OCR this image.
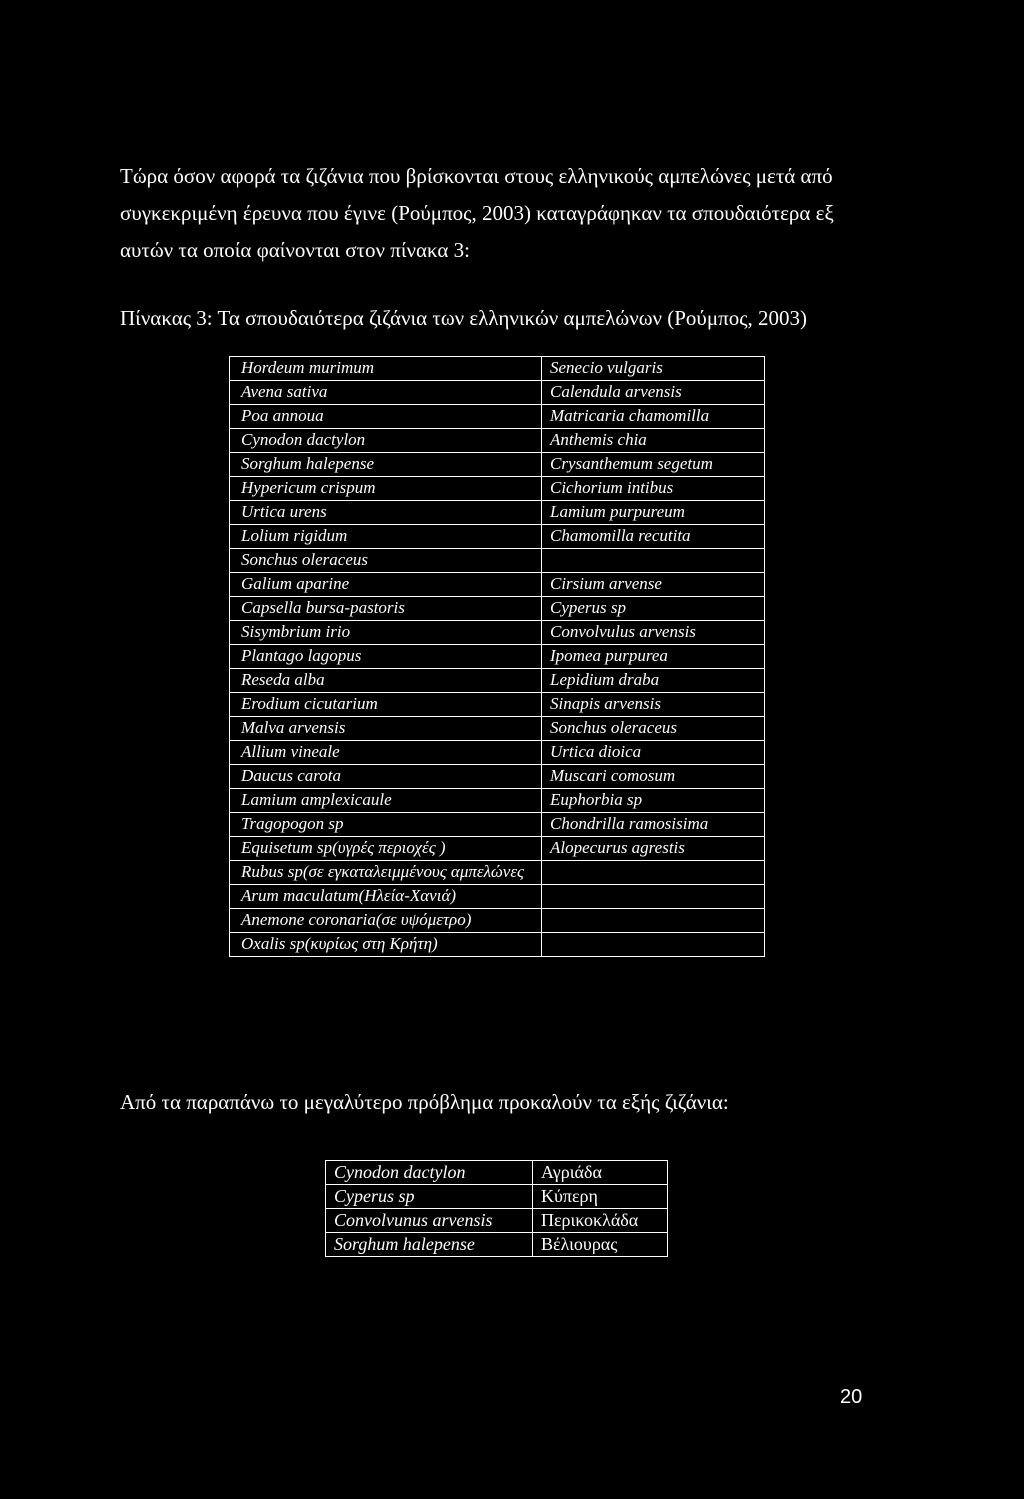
Τώρα όσον αφορά τα ζιζάνια που βρίσκονται στους ελληνικούς αμπελώνες μετά από
συγκεκριμένη έρευνα που έγινε (Ρούμπος, 2003) καταγράφηκαν τα σπουδαιότερα εξ
αυτών τα οποία φαίνονται στον πίνακα 3:

Πίνακας 3: Τα σπουδαιότερα ζιζάνια των ελληνικών αμπελώνων (Ρούμπος, 2003)

Hordeum murimum	Senecio vulgaris
Avena sativa	Calendula arvensis
Poa annoua	Matricaria chamomilla
Cynodon dactylon	Anthemis chia
Sorghum halepense	Crysanthemum segetum
Hypericum crispum	Cichorium intibus
Urtica urens	Lamium purpureum
Lolium rigidum	Chamomilla recutita
Sonchus oleraceus	
Galium aparine	Cirsium arvense
Capsella bursa-pastoris	Cyperus sp
Sisymbrium irio	Convolvulus arvensis
Plantago lagopus	Ipomea purpurea
Reseda alba	Lepidium draba
Erodium cicutarium	Sinapis arvensis
Malva arvensis	Sonchus oleraceus
Allium vineale	Urtica dioica
Daucus carota	Muscari comosum
Lamium amplexicaule	Euphorbia sp
Tragopogon sp	Chondrilla ramosisima
Equisetum sp(υγρές περιοχές )	Alopecurus agrestis
Rubus sp(σε εγκαταλειμμένους αμπελώνες	
Arum maculatum(Ηλεία-Χανιά)	
Anemone coronaria(σε υψόμετρο)	
Oxalis sp(κυρίως στη Κρήτη)	

Από τα παραπάνω το μεγαλύτερο πρόβλημα προκαλούν τα εξής ζιζάνια:

Cynodon dactylon	Αγριάδα
Cyperus sp	Κύπερη
Convolvunus arvensis	Περικοκλάδα
Sorghum halepense	Βέλιουρας

20
